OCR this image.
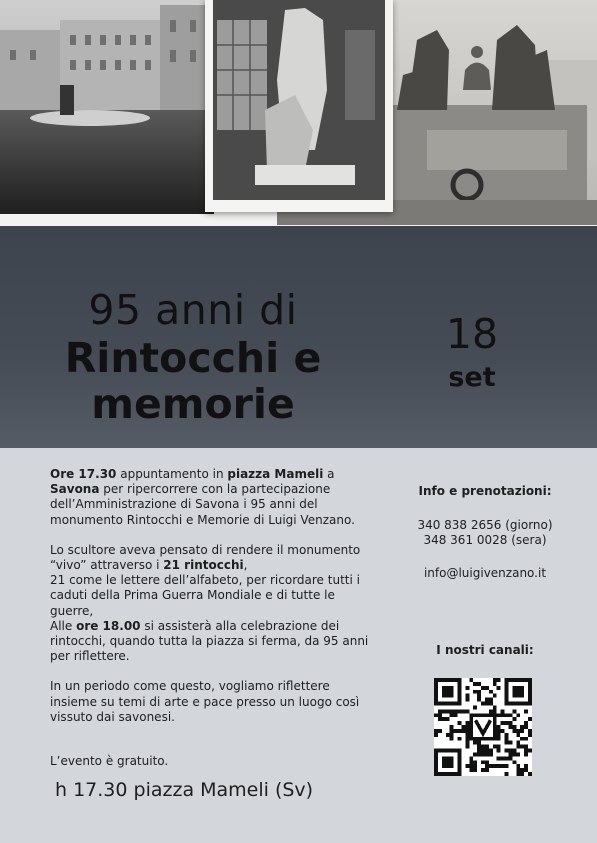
95 anni di
Rintocchi e
memorie
18
set

Ore 17.30 appuntamento in piazza Mameli a Savona per ripercorrere con la partecipazione dell’Amministrazione di Savona i 95 anni del monumento Rintocchi e Memorie di Luigi Venzano.

Lo scultore aveva pensato di rendere il monumento “vivo” attraverso i 21 rintocchi,
21 come le lettere dell’alfabeto, per ricordare tutti i caduti della Prima Guerra Mondiale e di tutte le guerre,
Alle ore 18.00 si assisterà alla celebrazione dei rintocchi, quando tutta la piazza si ferma, da 95 anni per riflettere.

In un periodo come questo, vogliamo riflettere insieme su temi di arte e pace presso un luogo così vissuto dai savonesi.

L’evento è gratuito.
h 17.30 piazza Mameli (Sv)
Info e prenotazioni:
340 838 2656 (giorno)
348 361 0028 (sera)
info@luigivenzano.it
I nostri canali:
